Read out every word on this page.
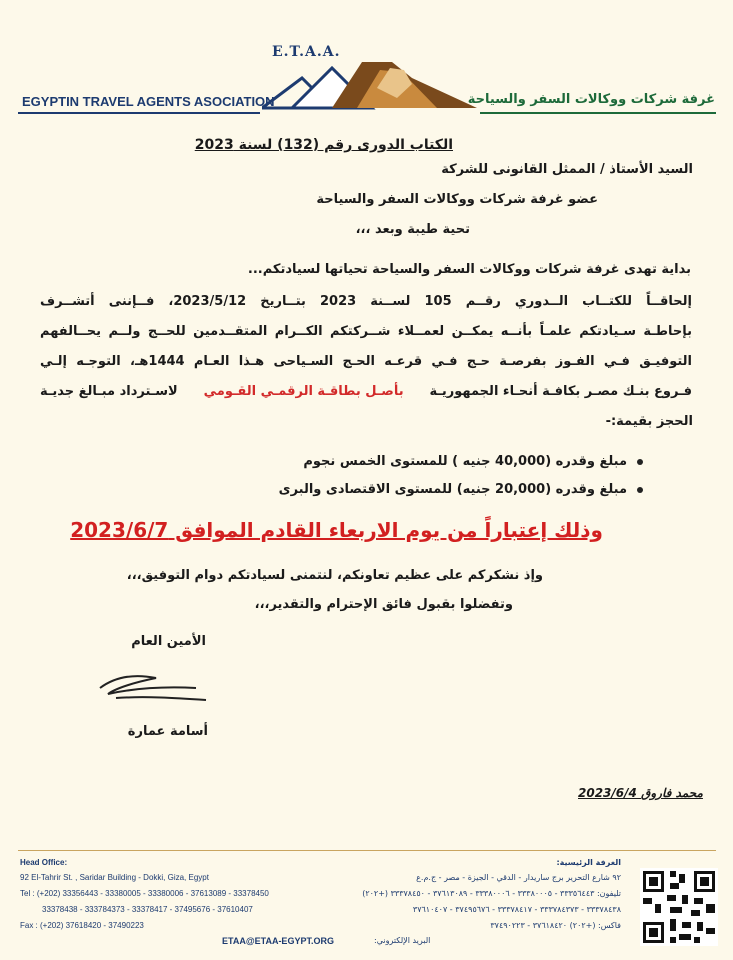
E.T.A.A.
EGYPTIN TRAVEL AGENTS ASOCIATION	غرفة شركات ووكالات السفر والسياحة
الكتاب الدورى رقم (132) لسنة 2023
السيد الأستاذ / الممثل القانونى للشركة
عضو غرفة شركات ووكالات السفر والسياحة
تحية طيبة وبعد ،،،
بداية تهدى غرفة شركات ووكالات السفر والسياحة تحياتها لسيادتكم...
إلحاقــاً للكتــاب الــدوري رقــم 105 لســنة 2023 بتــاريخ 2023/5/12، فــإننى أتشــرف
بإحاطـة سـيادتكم علمـاً بأنــه يمكــن لعمــلاء شــركتكم الكــرام المتقــدمين للحــج ولــم يحــالفهم
التوفيـق فـي الفـوز بفرصـة حـج فـي قرعـه الحـج السـياحى هـذا العـام 1444هـ، التوجـه إلـي
فـروع بنـك مصـر بكافـة أنحـاء الجمهوريـة
بأصـل بطاقـة الرقمـي القـومي
لاسـترداد مبـالغ جديـة
الحجز بقيمة:-
مبلغ وقدره (40,000 جنيه ) للمستوى الخمس نجوم
مبلغ وقدره (20,000 جنيه) للمستوى الاقتصادى والبرى
وذلك إعتباراً من يوم الاربعاء القادم الموافق 2023/6/7
وإذ نشكركم على عظيم تعاونكم، لنتمنى لسيادتكم دوام التوفيق،،،
وتفضلوا بقبول فائق الإحترام والتقدير،،،
الأمين العام
أسامة عمارة
2023/6/4 محمد فاروق
Head Office:
92 El-Tahrir St. , Saridar Building - Dokki, Giza, Egypt
Tel : (+202) 33356443 - 33380005 - 33380006 - 37613089 - 33378450
33378438 - 333784373 - 33378417 - 37495676 - 37610407
Fax : (+202) 37618420 - 37490223
ETAA@ETAA-EGYPT.ORG	البريد الإلكتروني:
الغرفة الرئيسية:
٩٢ شارع التحرير برج ساريدار - الدقي - الجيزة - مصر - ج.م.ع
تليفون: ٣٣٣٥٦٤٤٣ - ٣٣٣٨٠٠٠٥ - ٣٣٣٨٠٠٠٦ - ٣٧٦١٣٠٨٩ - ٣٣٣٧٨٤٥٠ (+٢٠٢)
٣٣٣٧٨٤٣٨ - ٣٣٣٧٨٤٣٧٣ - ٣٣٣٧٨٤١٧ - ٣٧٤٩٥٦٧٦ - ٣٧٦١٠٤٠٧
فاكس: (+٢٠٢) ٣٧٦١٨٤٢٠ - ٣٧٤٩٠٢٢٣
